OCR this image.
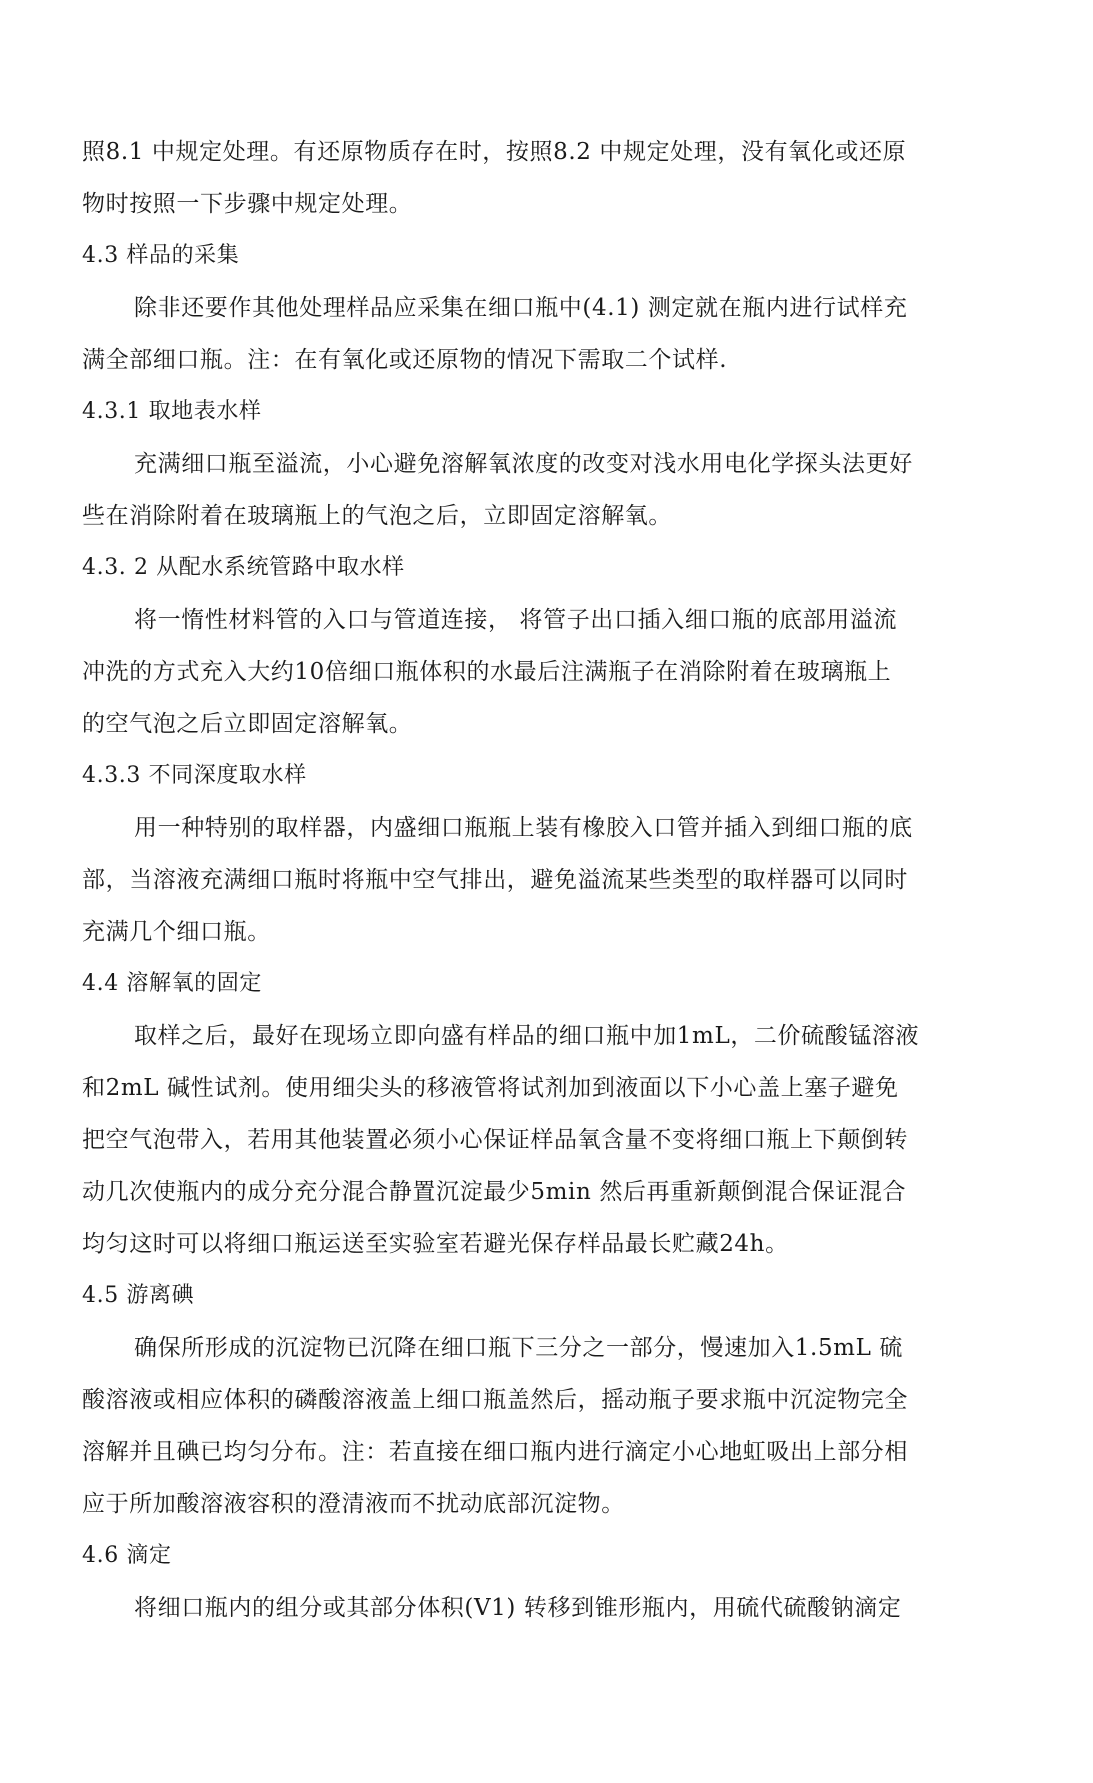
照8.1 中规定处理。有还原物质存在时，按照8.2 中规定处理，没有氧化或还原
物时按照一下步骤中规定处理。
4.3 样品的采集
除非还要作其他处理样品应采集在细口瓶中(4.1) 测定就在瓶内进行试样充
满全部细口瓶。注：在有氧化或还原物的情况下需取二个试样.
4.3.1 取地表水样
充满细口瓶至溢流，小心避免溶解氧浓度的改变对浅水用电化学探头法更好
些在消除附着在玻璃瓶上的气泡之后，立即固定溶解氧。
4.3. 2 从配水系统管路中取水样
将一惰性材料管的入口与管道连接， 将管子出口插入细口瓶的底部用溢流
冲洗的方式充入大约10倍细口瓶体积的水最后注满瓶子在消除附着在玻璃瓶上
的空气泡之后立即固定溶解氧。
4.3.3 不同深度取水样
用一种特别的取样器，内盛细口瓶瓶上装有橡胶入口管并插入到细口瓶的底
部，当溶液充满细口瓶时将瓶中空气排出，避免溢流某些类型的取样器可以同时
充满几个细口瓶。
4.4 溶解氧的固定
取样之后，最好在现场立即向盛有样品的细口瓶中加1mL，二价硫酸锰溶液
和2mL 碱性试剂。使用细尖头的移液管将试剂加到液面以下小心盖上塞子避免
把空气泡带入，若用其他装置必须小心保证样品氧含量不变将细口瓶上下颠倒转
动几次使瓶内的成分充分混合静置沉淀最少5min 然后再重新颠倒混合保证混合
均匀这时可以将细口瓶运送至实验室若避光保存样品最长贮藏24h。
4.5 游离碘
确保所形成的沉淀物已沉降在细口瓶下三分之一部分，慢速加入1.5mL 硫
酸溶液或相应体积的磷酸溶液盖上细口瓶盖然后，摇动瓶子要求瓶中沉淀物完全
溶解并且碘已均匀分布。注：若直接在细口瓶内进行滴定小心地虹吸出上部分相
应于所加酸溶液容积的澄清液而不扰动底部沉淀物。
4.6 滴定
将细口瓶内的组分或其部分体积(V1) 转移到锥形瓶内，用硫代硫酸钠滴定
